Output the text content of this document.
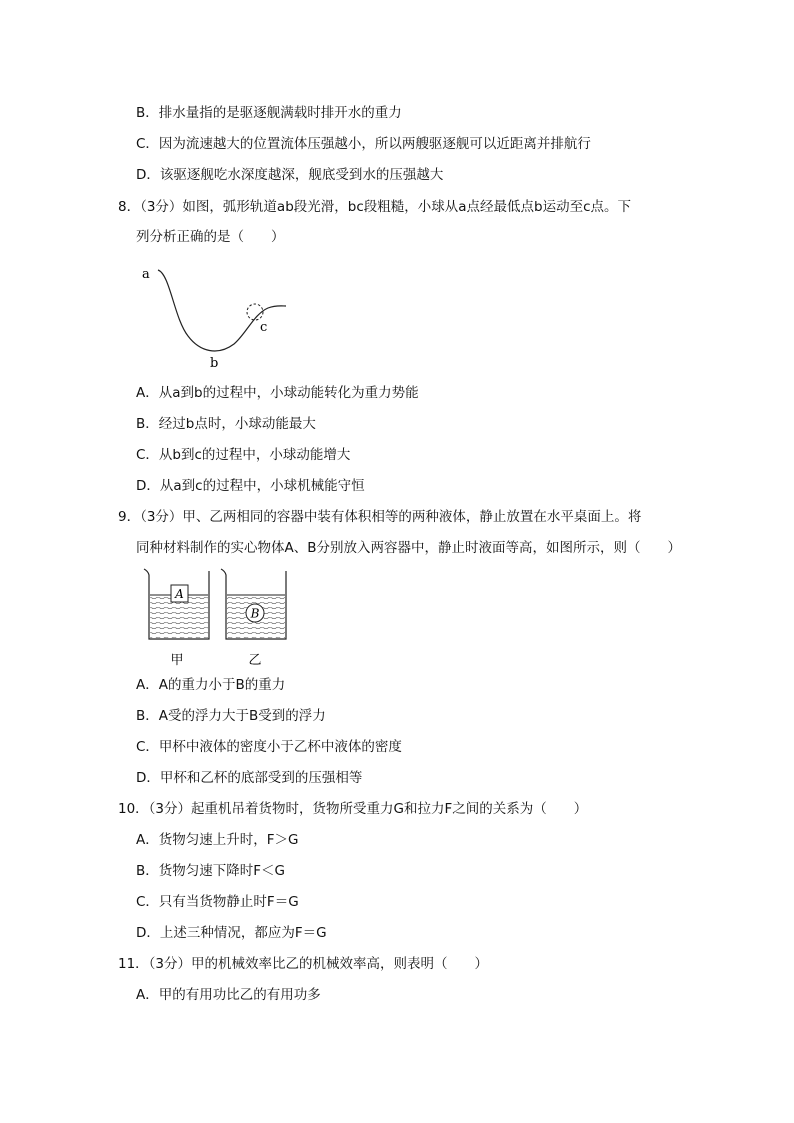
B．排水量指的是驱逐舰满载时排开水的重力
C．因为流速越大的位置流体压强越小，所以两艘驱逐舰可以近距离并排航行
D．该驱逐舰吃水深度越深，舰底受到水的压强越大
8．（3分）如图，弧形轨道ab段光滑，bc段粗糙，小球从a点经最低点b运动至c点。下
列分析正确的是（　　）
a
b
c
A．从a到b的过程中，小球动能转化为重力势能
B．经过b点时，小球动能最大
C．从b到c的过程中，小球动能增大
D．从a到c的过程中，小球机械能守恒
9．（3分）甲、乙两相同的容器中装有体积相等的两种液体，静止放置在水平桌面上。将
同种材料制作的实心物体A、B分别放入两容器中，静止时液面等高，如图所示，则（　　）
A
B
甲	乙
A．A的重力小于B的重力
B．A受的浮力大于B受到的浮力
C．甲杯中液体的密度小于乙杯中液体的密度
D．甲杯和乙杯的底部受到的压强相等
10．（3分）起重机吊着货物时，货物所受重力G和拉力F之间的关系为（　　）
A．货物匀速上升时，F＞G
B．货物匀速下降时F＜G
C．只有当货物静止时F＝G
D．上述三种情况，都应为F＝G
11．（3分）甲的机械效率比乙的机械效率高，则表明（　　）
A．甲的有用功比乙的有用功多
